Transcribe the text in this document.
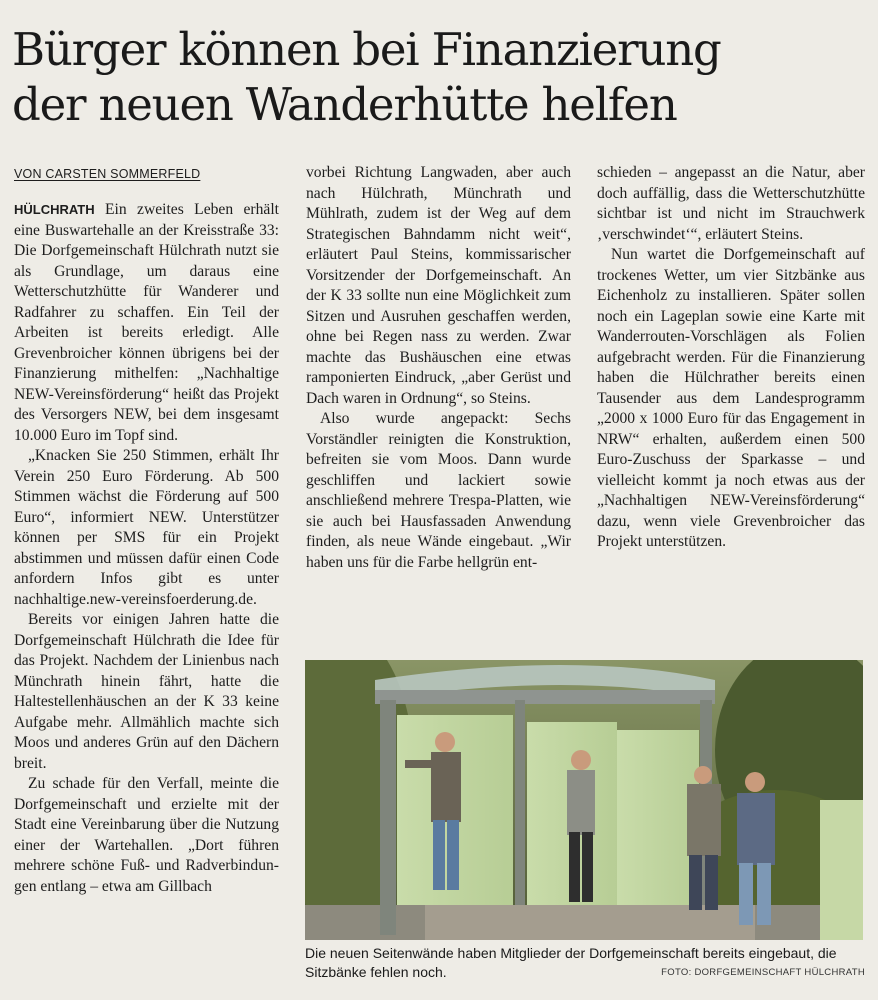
Bürger können bei Finanzierung
der neuen Wanderhütte helfen
VON CARSTEN SOMMERFELD

HÜLCHRATH Ein zweites Leben erhält eine Buswartehalle an der Kreisstraße 33: Die Dorfgemeinschaft Hülchrath nutzt sie als Grundlage, um daraus eine Wetterschutzhütte für Wanderer und Radfahrer zu schaffen. Ein Teil der Arbeiten ist bereits erledigt. Alle Grevenbroicher können übrigens bei der Finanzierung mithelfen: „Nachhaltige NEW-Vereinsförderung“ heißt das Projekt des Versorgers NEW, bei dem insgesamt 10.000 Euro im Topf sind.

„Knacken Sie 250 Stimmen, erhält Ihr Verein 250 Euro Förderung. Ab 500 Stimmen wächst die Förderung auf 500 Euro“, informiert NEW. Unterstützer können per SMS für ein Projekt abstimmen und müssen dafür einen Code anfordern Infos gibt es unter nachhaltige.new-vereinsfoerderung.de.

Bereits vor einigen Jahren hatte die Dorfgemeinschaft Hülchrath die Idee für das Projekt. Nachdem der Linienbus nach Münchrath hinein fährt, hatte die Haltestellenhäuschen an der K 33 keine Aufgabe mehr. Allmählich machte sich Moos und anderes Grün auf den Dächern breit.

Zu schade für den Verfall, meinte die Dorfgemeinschaft und erzielte mit der Stadt eine Vereinbarung über die Nutzung einer der Wartehallen. „Dort führen mehrere schöne Fuß- und Radverbindungen entlang – etwa am Gillbach

vorbei Richtung Langwaden, aber auch nach Hülchrath, Münchrath und Mühlrath, zudem ist der Weg auf dem Strategischen Bahndamm nicht weit“, erläutert Paul Steins, kommissarischer Vorsitzender der Dorfgemeinschaft. An der K 33 sollte nun eine Möglichkeit zum Sitzen und Ausruhen geschaffen werden, ohne bei Regen nass zu werden. Zwar machte das Bushäuschen eine etwas ramponierten Eindruck, „aber Gerüst und Dach waren in Ordnung“, so Steins.

Also wurde angepackt: Sechs Vorständler reinigten die Konstruktion, befreiten sie vom Moos. Dann wurde geschliffen und lackiert sowie anschließend mehrere Trespa-Platten, wie sie auch bei Hausfassaden Anwendung finden, als neue Wände eingebaut. „Wir haben uns für die Farbe hellgrün ent-

schieden – angepasst an die Natur, aber doch auffällig, dass die Wetterschutzhütte sichtbar ist und nicht im Strauchwerk ‚verschwindet‘“, erläutert Steins.

Nun wartet die Dorfgemeinschaft auf trockenes Wetter, um vier Sitzbänke aus Eichenholz zu installieren. Später sollen noch ein Lageplan sowie eine Karte mit Wanderrouten-Vorschlägen als Folien aufgebracht werden. Für die Finanzierung haben die Hülchrather bereits einen Tausender aus dem Landesprogramm „2000 x 1000 Euro für das Engagement in NRW“ erhalten, außerdem einen 500 Euro-Zuschuss der Sparkasse – und vielleicht kommt ja noch etwas aus der „Nachhaltigen NEW-Vereinsförderung“ dazu, wenn viele Grevenbroicher das Projekt unterstützen.

Die neuen Seitenwände haben Mitglieder der Dorfgemeinschaft bereits eingebaut, die Sitzbänke fehlen noch.	FOTO: DORFGEMEINSCHAFT HÜLCHRATH
